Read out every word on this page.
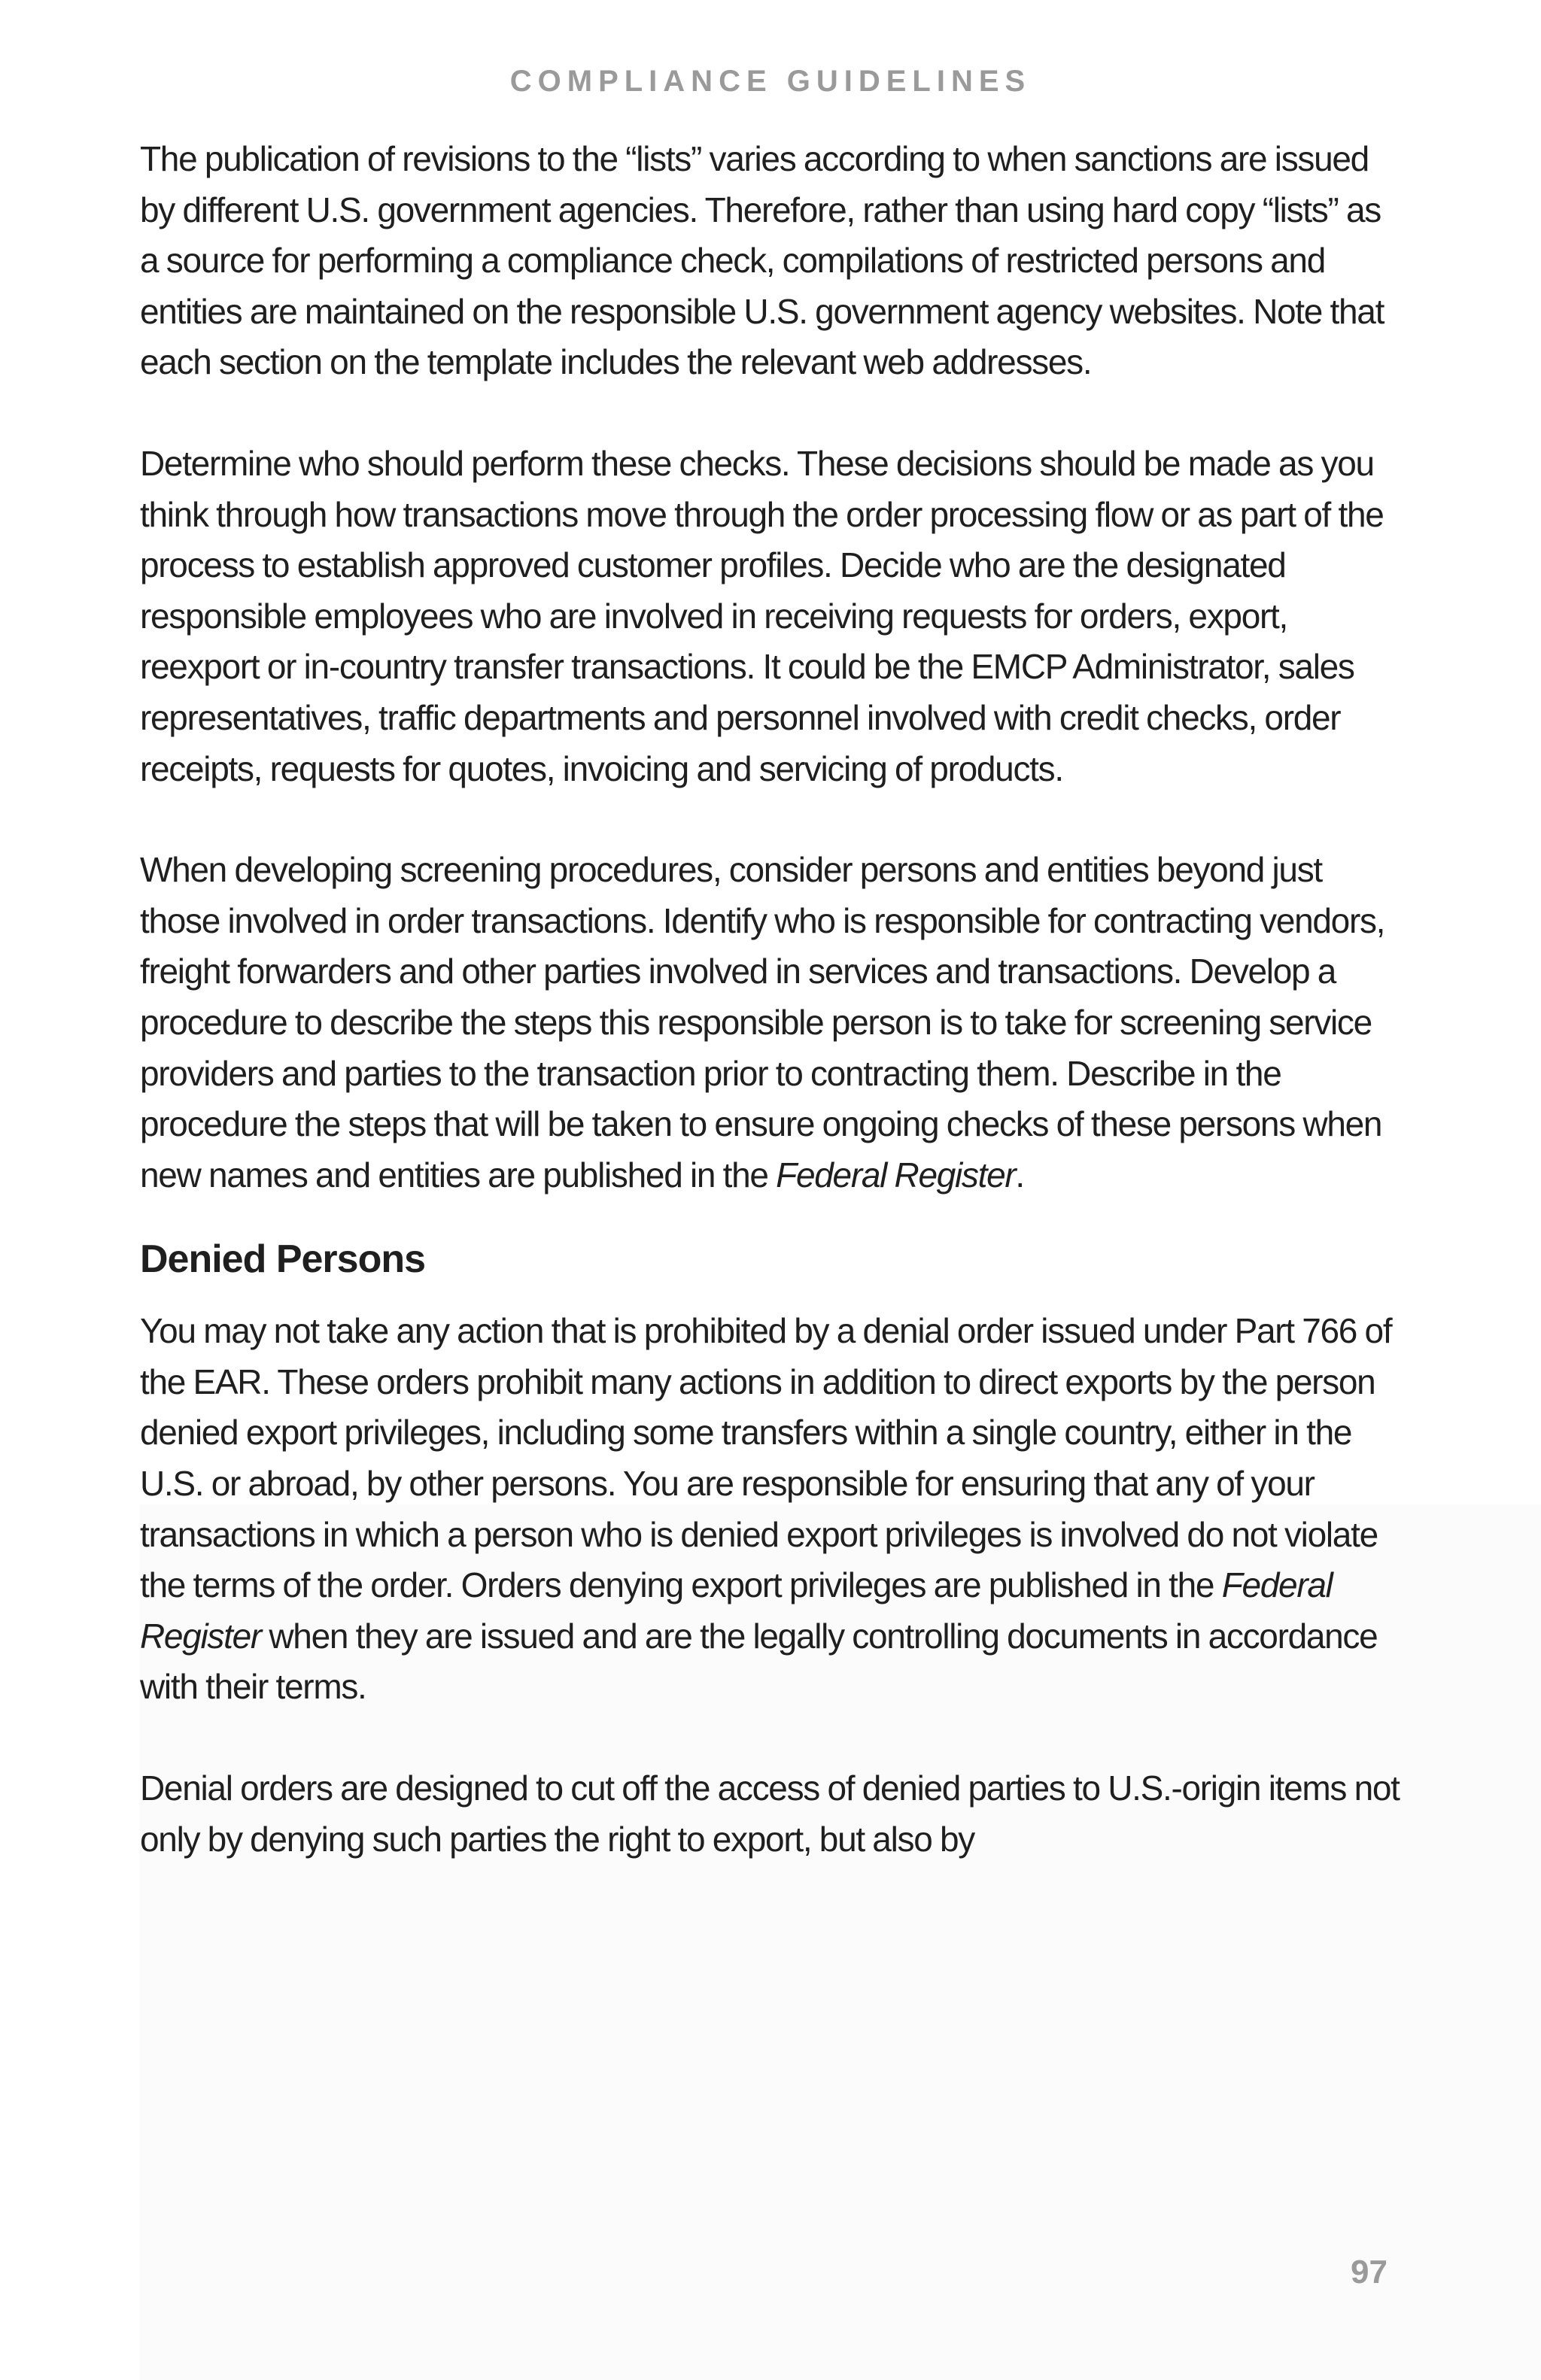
COMPLIANCE GUIDELINES

The publication of revisions to the “lists” varies according to when sanctions are issued by different U.S. government agencies. Therefore, rather than using hard copy “lists” as a source for performing a compliance check, compilations of restricted persons and entities are maintained on the responsible U.S. government agency websites. Note that each section on the template includes the relevant web addresses.

Determine who should perform these checks. These decisions should be made as you think through how transactions move through the order processing flow or as part of the process to establish approved customer profiles. Decide who are the designated responsible employees who are involved in receiving requests for orders, export, reexport or in-country transfer transactions. It could be the EMCP Administrator, sales representatives, traffic departments and personnel involved with credit checks, order receipts, requests for quotes, invoicing and servicing of products.

When developing screening procedures, consider persons and entities beyond just those involved in order transactions. Identify who is responsible for contracting vendors, freight forwarders and other parties involved in services and transactions. Develop a procedure to describe the steps this responsible person is to take for screening service providers and parties to the transaction prior to contracting them. Describe in the procedure the steps that will be taken to ensure ongoing checks of these persons when new names and entities are published in the Federal Register.

Denied Persons

You may not take any action that is prohibited by a denial order issued under Part 766 of the EAR. These orders prohibit many actions in addition to direct exports by the person denied export privileges, including some transfers within a single country, either in the U.S. or abroad, by other persons. You are responsible for ensuring that any of your transactions in which a person who is denied export privileges is involved do not violate the terms of the order. Orders denying export privileges are published in the Federal Register when they are issued and are the legally controlling documents in accordance with their terms.

Denial orders are designed to cut off the access of denied parties to U.S.-origin items not only by denying such parties the right to export, but also by

97
